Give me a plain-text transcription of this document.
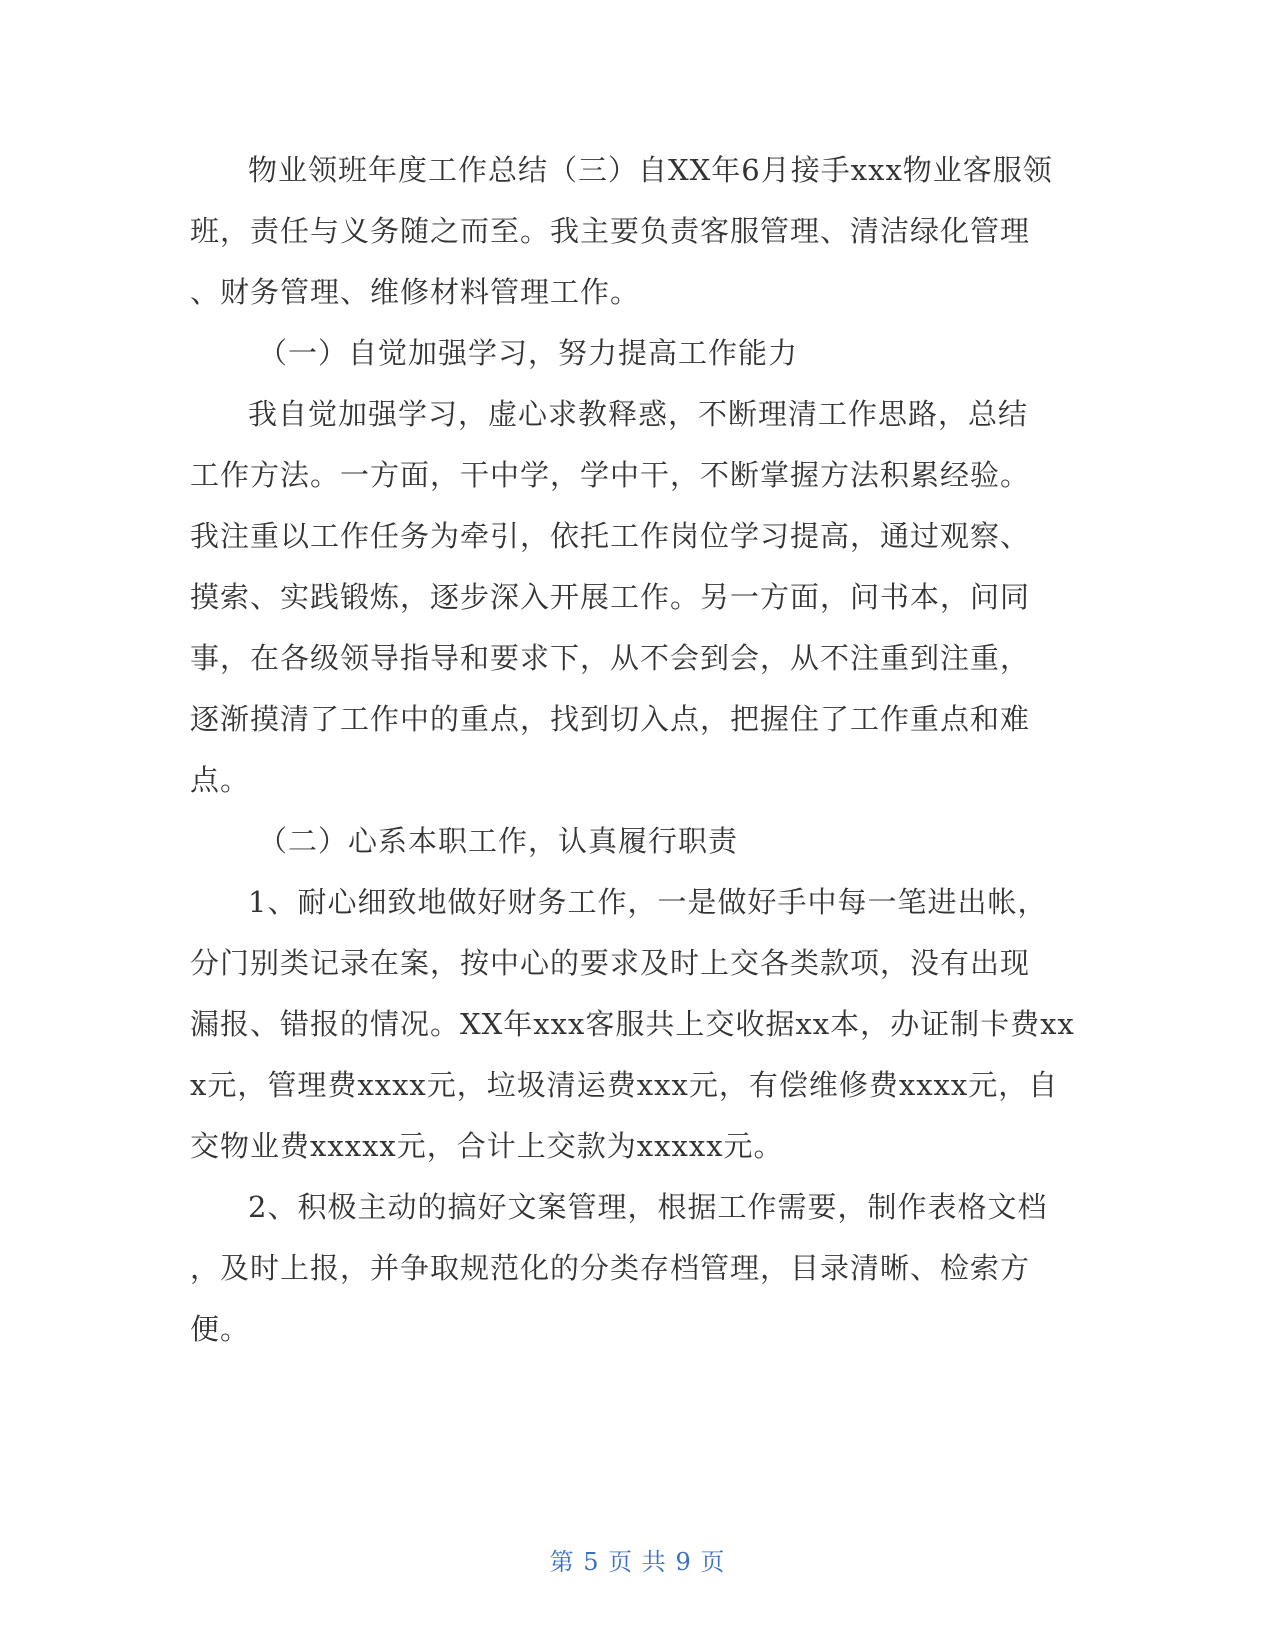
物业领班年度工作总结（三）自XX年6月接手xxx物业客服领
班，责任与义务随之而至。我主要负责客服管理、清洁绿化管理
、财务管理、维修材料管理工作。
（一）自觉加强学习，努力提高工作能力
我自觉加强学习，虚心求教释惑，不断理清工作思路，总结
工作方法。一方面，干中学，学中干，不断掌握方法积累经验。
我注重以工作任务为牵引，依托工作岗位学习提高，通过观察、
摸索、实践锻炼，逐步深入开展工作。另一方面，问书本，问同
事，在各级领导指导和要求下，从不会到会，从不注重到注重，
逐渐摸清了工作中的重点，找到切入点，把握住了工作重点和难
点。
（二）心系本职工作，认真履行职责
1、耐心细致地做好财务工作，一是做好手中每一笔进出帐，
分门别类记录在案，按中心的要求及时上交各类款项，没有出现
漏报、错报的情况。XX年xxx客服共上交收据xx本，办证制卡费xx
x元，管理费xxxx元，垃圾清运费xxx元，有偿维修费xxxx元，自
交物业费xxxxx元，合计上交款为xxxxx元。
2、积极主动的搞好文案管理，根据工作需要，制作表格文档
，及时上报，并争取规范化的分类存档管理，目录清晰、检索方
便。
第 5 页 共 9 页
